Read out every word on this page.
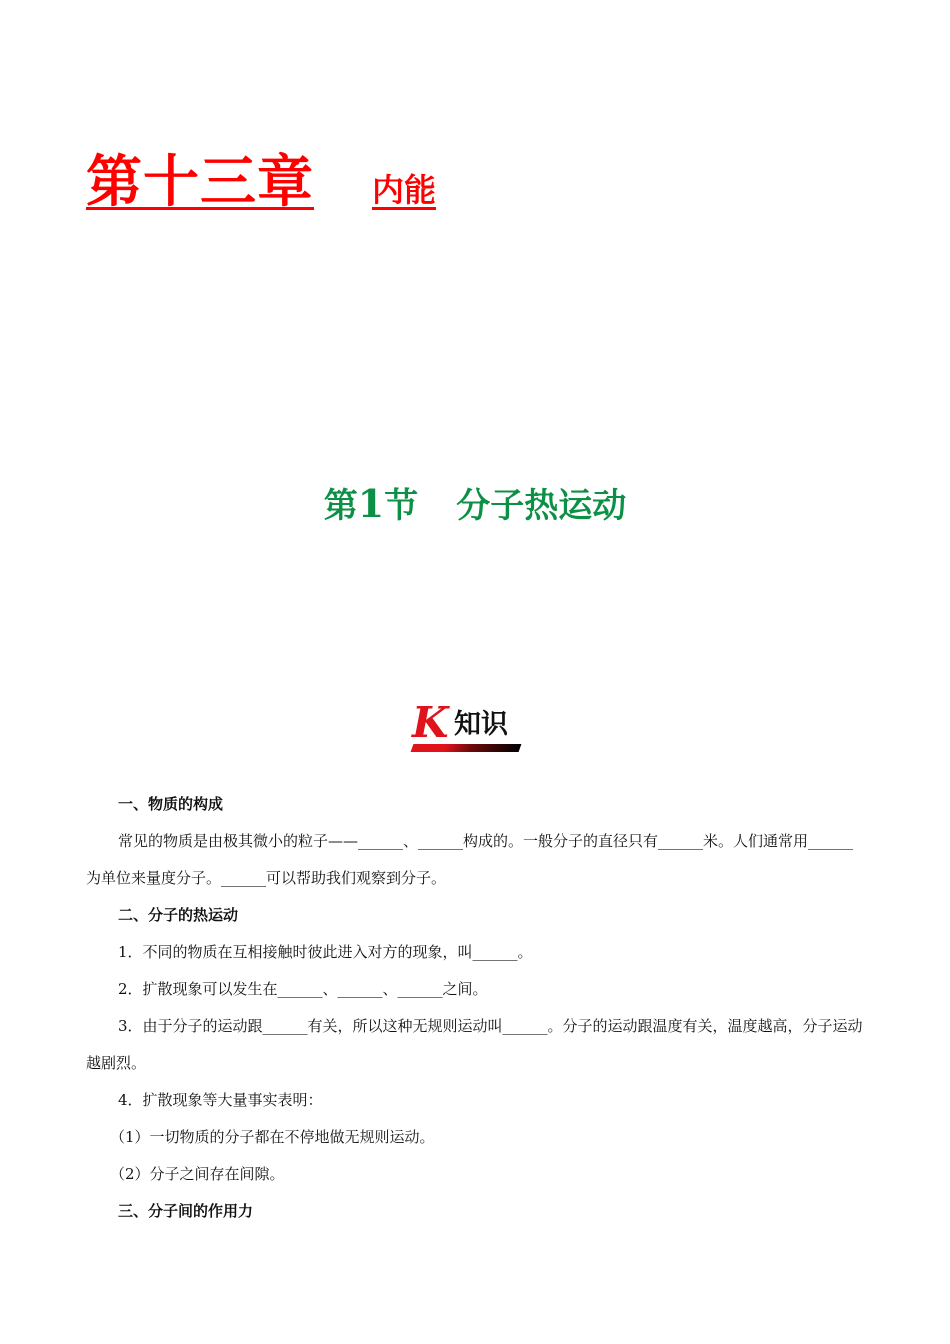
第十三章 内能
第1节 分子热运动
K 知识

一、物质的构成

常见的物质是由极其微小的粒子——______、______构成的。一般分子的直径只有______米。人们通常用______为单位来量度分子。______可以帮助我们观察到分子。

二、分子的热运动

1．不同的物质在互相接触时彼此进入对方的现象，叫______。

2．扩散现象可以发生在______、______、______之间。

3．由于分子的运动跟______有关，所以这种无规则运动叫______。分子的运动跟温度有关，温度越高，分子运动越剧烈。

4．扩散现象等大量事实表明：

（1）一切物质的分子都在不停地做无规则运动。

（2）分子之间存在间隙。

三、分子间的作用力
